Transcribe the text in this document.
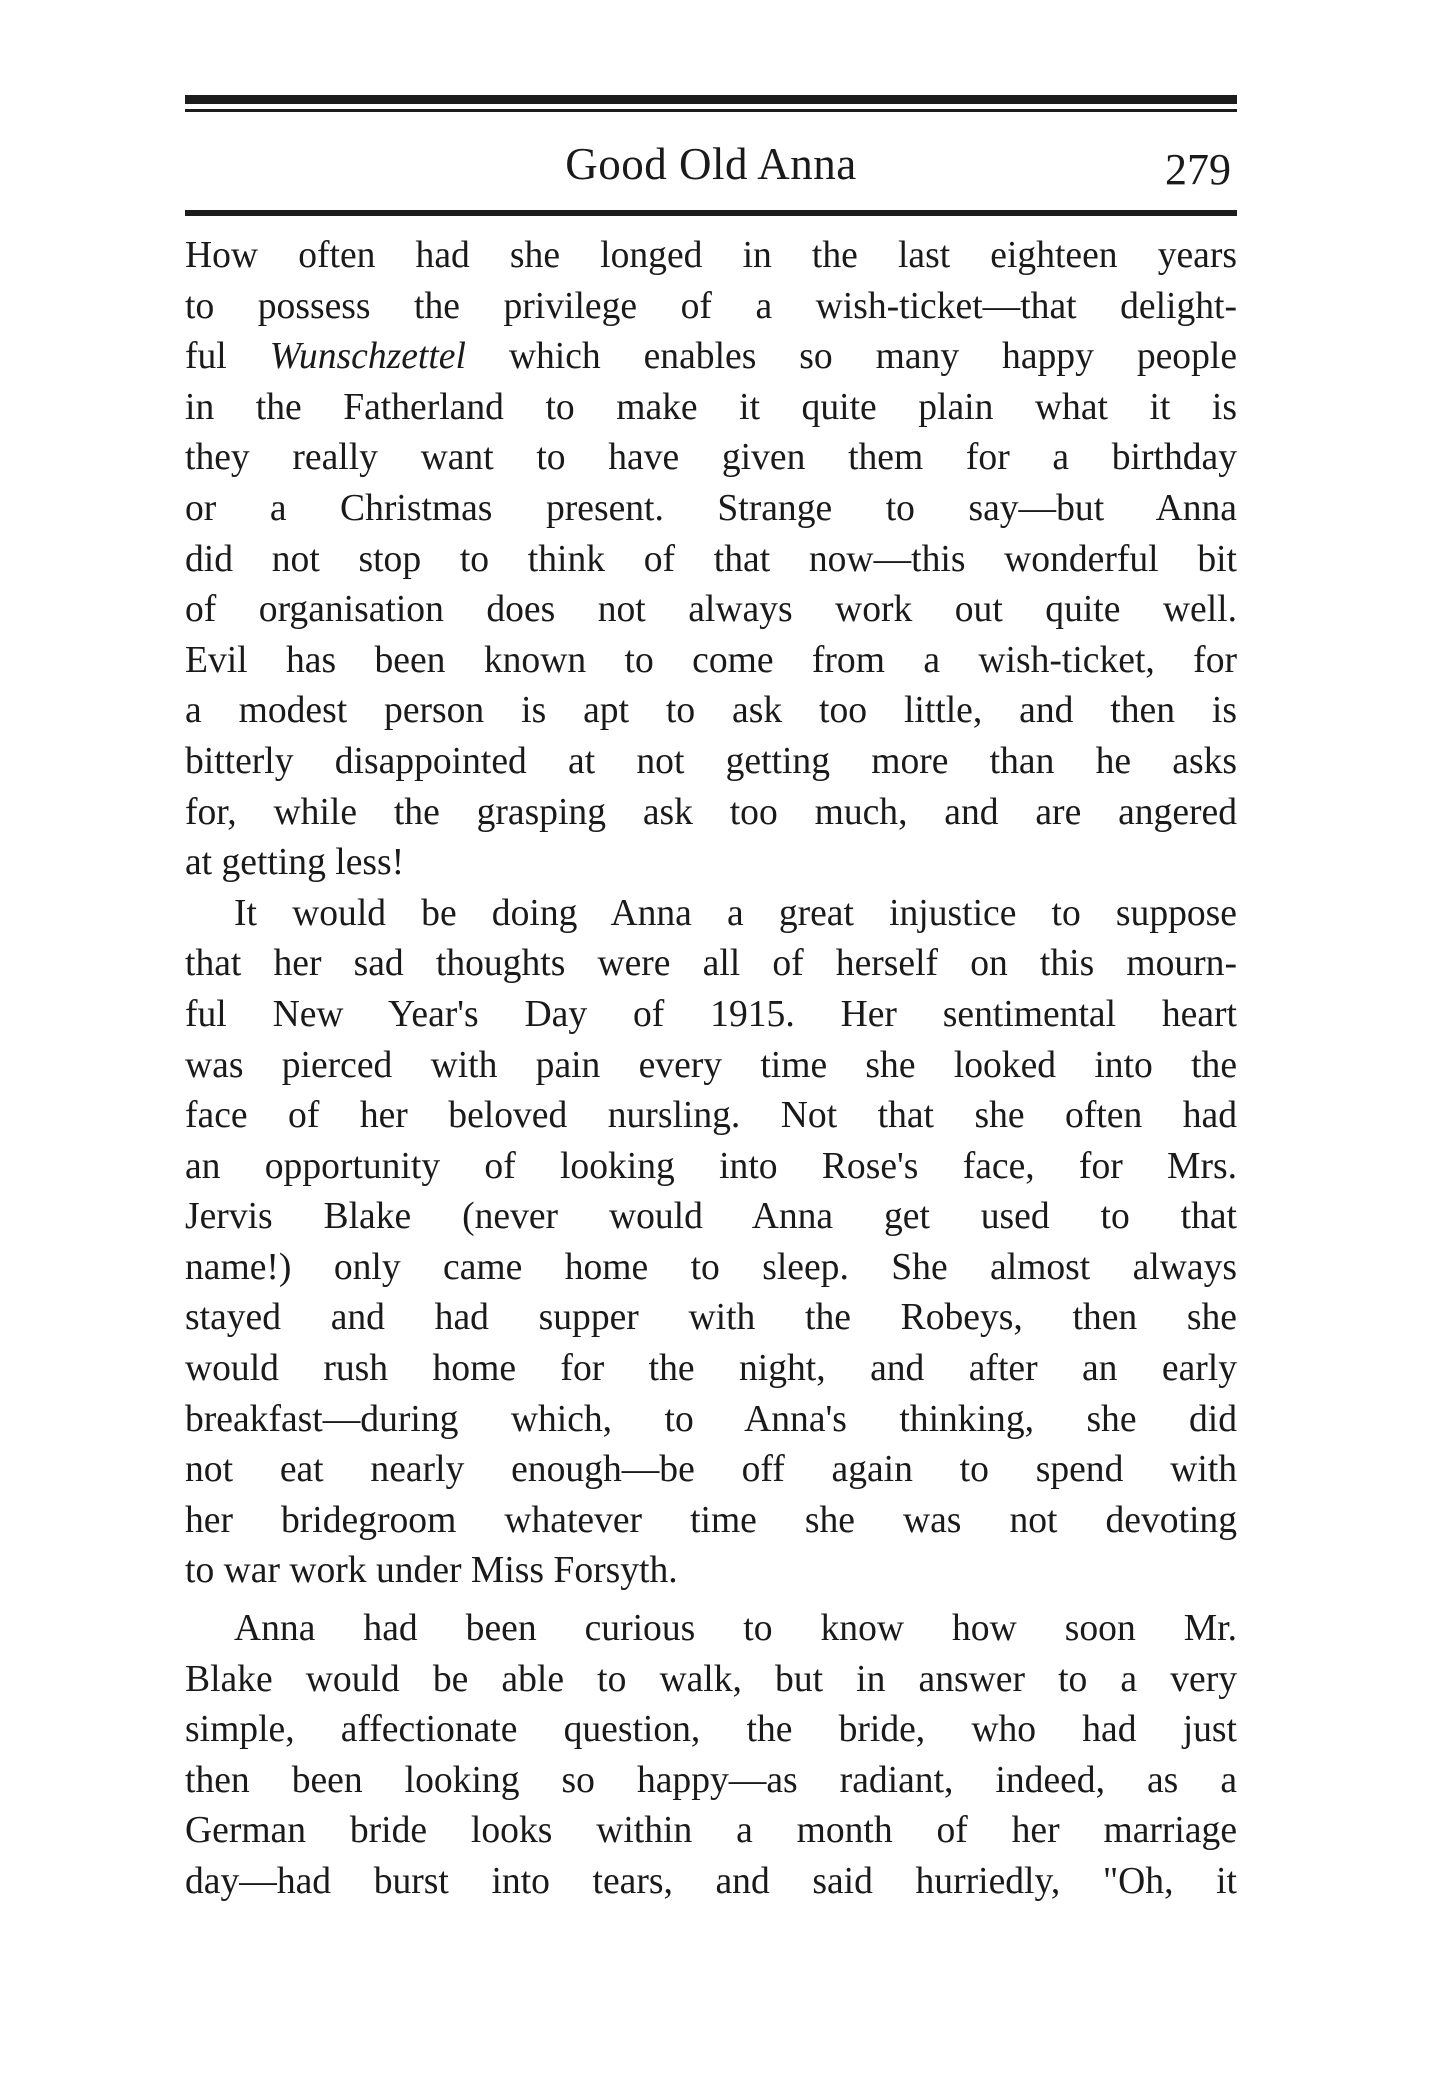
Good Old Anna	279

How often had she longed in the last eighteen years
to possess the privilege of a wish-ticket—that delight-
ful Wunschzettel which enables so many happy people
in the Fatherland to make it quite plain what it is
they really want to have given them for a birthday
or a Christmas present. Strange to say—but Anna
did not stop to think of that now—this wonderful bit
of organisation does not always work out quite well.
Evil has been known to come from a wish-ticket, for
a modest person is apt to ask too little, and then is
bitterly disappointed at not getting more than he asks
for, while the grasping ask too much, and are angered
at getting less!

It would be doing Anna a great injustice to suppose
that her sad thoughts were all of herself on this mourn-
ful New Year's Day of 1915. Her sentimental heart
was pierced with pain every time she looked into the
face of her beloved nursling. Not that she often had
an opportunity of looking into Rose's face, for Mrs.
Jervis Blake (never would Anna get used to that
name!) only came home to sleep. She almost always
stayed and had supper with the Robeys, then she
would rush home for the night, and after an early
breakfast—during which, to Anna's thinking, she did
not eat nearly enough—be off again to spend with
her bridegroom whatever time she was not devoting
to war work under Miss Forsyth.

Anna had been curious to know how soon Mr.
Blake would be able to walk, but in answer to a very
simple, affectionate question, the bride, who had just
then been looking so happy—as radiant, indeed, as a
German bride looks within a month of her marriage
day—had burst into tears, and said hurriedly, "Oh, it
